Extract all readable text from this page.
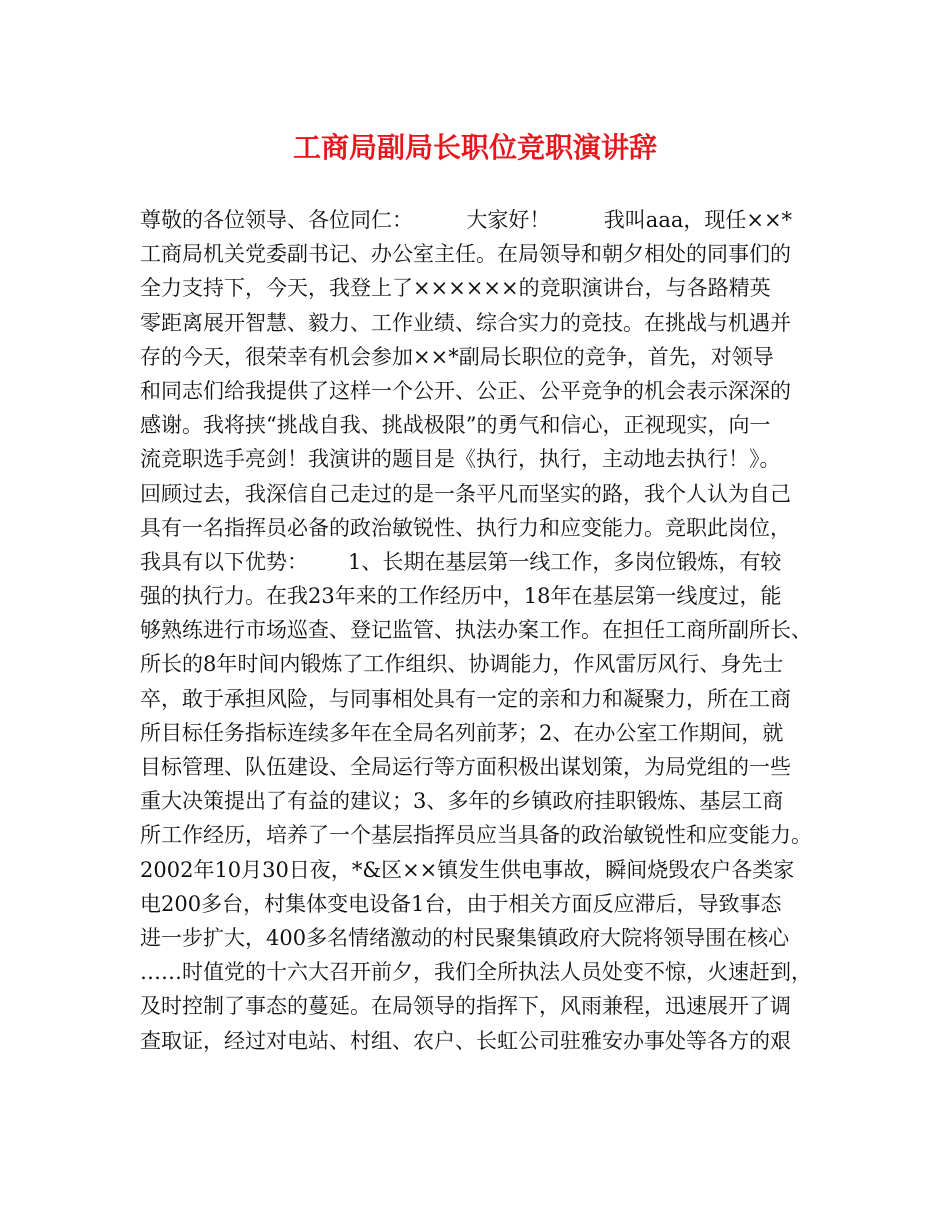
工商局副局长职位竞职演讲辞
尊敬的各位领导、各位同仁：        大家好！        我叫aaa，现任××*
工商局机关党委副书记、办公室主任。在局领导和朝夕相处的同事们的
全力支持下，今天，我登上了××××××的竞职演讲台，与各路精英
零距离展开智慧、毅力、工作业绩、综合实力的竞技。在挑战与机遇并
存的今天，很荣幸有机会参加××*副局长职位的竞争，首先，对领导
和同志们给我提供了这样一个公开、公正、公平竞争的机会表示深深的
感谢。我将挟“挑战自我、挑战极限”的勇气和信心，正视现实，向一
流竞职选手亮剑！我演讲的题目是《执行，执行，主动地去执行！》。
回顾过去，我深信自己走过的是一条平凡而坚实的路，我个人认为自己
具有一名指挥员必备的政治敏锐性、执行力和应变能力。竞职此岗位，
我具有以下优势：      1、长期在基层第一线工作，多岗位锻炼，有较
强的执行力。在我23年来的工作经历中，18年在基层第一线度过，能
够熟练进行市场巡查、登记监管、执法办案工作。在担任工商所副所长、
所长的8年时间内锻炼了工作组织、协调能力，作风雷厉风行、身先士
卒，敢于承担风险，与同事相处具有一定的亲和力和凝聚力，所在工商
所目标任务指标连续多年在全局名列前茅；2、在办公室工作期间，就
目标管理、队伍建设、全局运行等方面积极出谋划策，为局党组的一些
重大决策提出了有益的建议；3、多年的乡镇政府挂职锻炼、基层工商
所工作经历，培养了一个基层指挥员应当具备的政治敏锐性和应变能力。
2002年10月30日夜，*&区××镇发生供电事故，瞬间烧毁农户各类家
电200多台，村集体变电设备1台，由于相关方面反应滞后，导致事态
进一步扩大，400多名情绪激动的村民聚集镇政府大院将领导围在核心
……时值党的十六大召开前夕，我们全所执法人员处变不惊，火速赶到，
及时控制了事态的蔓延。在局领导的指挥下，风雨兼程，迅速展开了调
查取证，经过对电站、村组、农户、长虹公司驻雅安办事处等各方的艰
